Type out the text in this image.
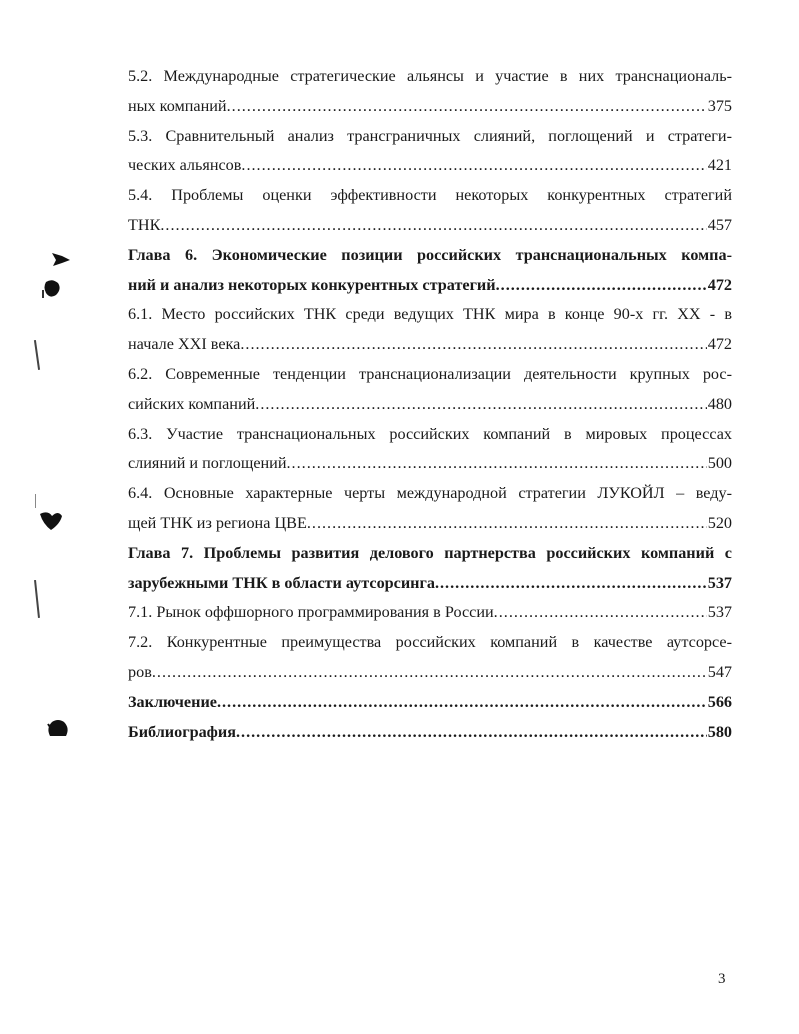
5.2. Международные стратегические альянсы и участие в них транснациональ-
ных компаний .....	375
5.3. Сравнительный анализ трансграничных слияний, поглощений и стратеги-
ческих альянсов .....	421
5.4. Проблемы оценки эффективности некоторых конкурентных стратегий
ТНК .....	457
Глава 6. Экономические позиции российских транснациональных компа-
ний и анализ некоторых конкурентных стратегий .....	472
6.1. Место российских ТНК среди ведущих ТНК мира в конце 90-х гг. XX - в
начале XXI века .....	472
6.2. Современные тенденции транснационализации деятельности крупных рос-
сийских компаний .....	480
6.3. Участие транснациональных российских компаний в мировых процессах
слияний и поглощений .....	500
6.4. Основные характерные черты международной стратегии ЛУКОЙЛ – веду-
щей ТНК из региона ЦВЕ .....	520
Глава 7. Проблемы развития делового партнерства российских компаний с
зарубежными ТНК в области аутсорсинга .....	537
7.1. Рынок оффшорного программирования в России .....	537
7.2. Конкурентные преимущества российских компаний в качестве аутсорсе-
ров .....	547
Заключение .....	566
Библиография .....	580
3
